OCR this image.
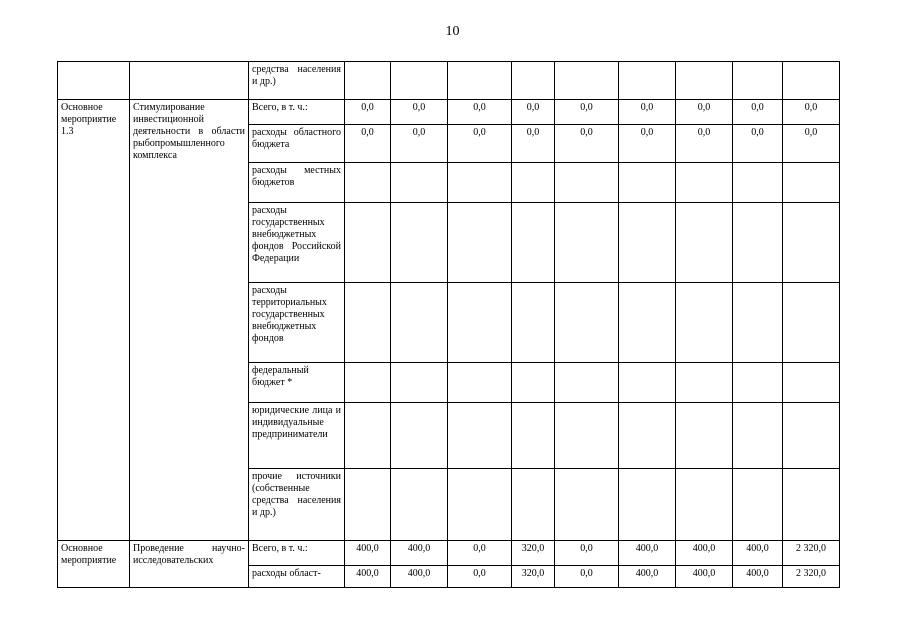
10
		средства населения и др.)									
Основное мероприятие 1.3	Стимулирование инвестиционной деятельности в области рыбопромышленного комплекса	Всего, в т. ч.:	0,0	0,0	0,0	0,0	0,0	0,0	0,0	0,0	0,0
		расходы областного бюджета	0,0	0,0	0,0	0,0	0,0	0,0	0,0	0,0	0,0
		расходы местных бюджетов									
		расходы государственных внебюджетных фондов Российской Федерации									
		расходы территориальных государственных внебюджетных фондов									
		федеральный бюджет *									
		юридические лица и индивидуальные предприниматели									
		прочие источники (собственные средства населения и др.)									
Основное мероприятие	Проведение научно-исследовательских	Всего, в т. ч.:	400,0	400,0	0,0	320,0	0,0	400,0	400,0	400,0	2 320,0
		расходы област-	400,0	400,0	0,0	320,0	0,0	400,0	400,0	400,0	2 320,0
